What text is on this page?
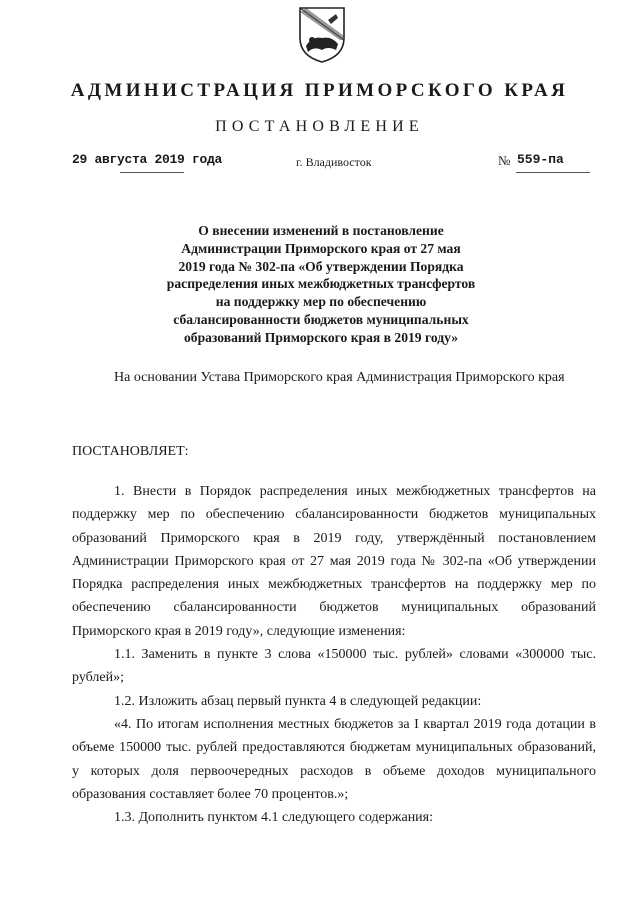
АДМИНИСТРАЦИЯ ПРИМОРСКОГО КРАЯ
ПОСТАНОВЛЕНИЕ
29 августа 2019 года	г. Владивосток	№ 559-па
О внесении изменений в постановление
Администрации Приморского края от 27 мая
2019 года № 302-па «Об утверждении Порядка
распределения иных межбюджетных трансфертов
на поддержку мер по обеспечению
сбалансированности бюджетов муниципальных
образований Приморского края в 2019 году»

На основании Устава Приморского края Администрация Приморского края

ПОСТАНОВЛЯЕТ:

1. Внести в Порядок распределения иных межбюджетных трансфертов на поддержку мер по обеспечению сбалансированности бюджетов муниципальных образований Приморского края в 2019 году, утверждённый постановлением Администрации Приморского края от 27 мая 2019 года № 302-па «Об утверждении Порядка распределения иных межбюджетных трансфертов на поддержку мер по обеспечению сбалансированности бюджетов муниципальных образований Приморского края в 2019 году», следующие изменения:

1.1. Заменить в пункте 3 слова «150000 тыс. рублей» словами «300000 тыс. рублей»;

1.2. Изложить абзац первый пункта 4 в следующей редакции:

«4. По итогам исполнения местных бюджетов за I квартал 2019 года дотации в объеме 150000 тыс. рублей предоставляются бюджетам муниципальных образований, у которых доля первоочередных расходов в объеме доходов муниципального образования составляет более 70 процентов.»;

1.3. Дополнить пунктом 4.1 следующего содержания:
